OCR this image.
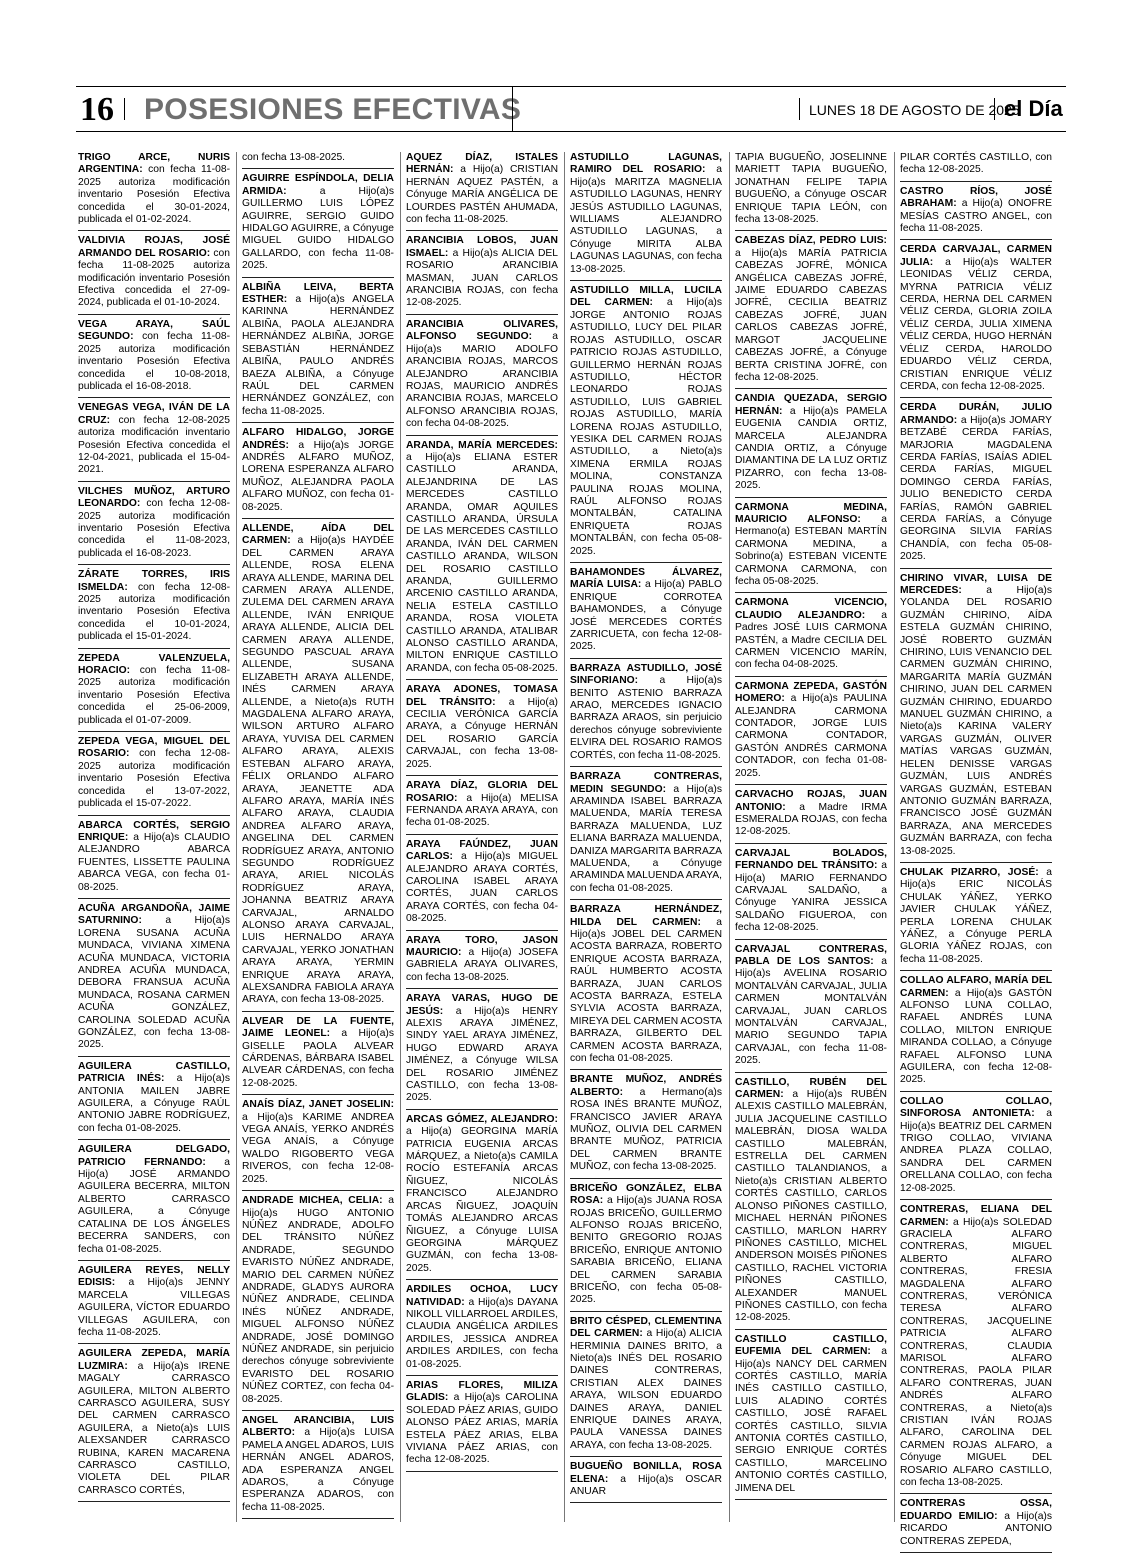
16 POSESIONES EFECTIVAS	LUNES 18 DE AGOSTO DE 2025
el Día

TRIGO ARCE, NURIS ARGENTINA: con fecha 11-08-2025 autoriza modificación inventario Posesión Efectiva concedida el 30-01-2024, publicada el 01-02-2024.

VALDIVIA ROJAS, JOSÉ ARMANDO DEL ROSARIO: con fecha 11-08-2025 autoriza modificación inventario Posesión Efectiva concedida el 27-09-2024, publicada el 01-10-2024.

VEGA ARAYA, SAÚL SEGUNDO: con fecha 11-08-2025 autoriza modificación inventario Posesión Efectiva concedida el 10-08-2018, publicada el 16-08-2018.

VENEGAS VEGA, IVÁN DE LA CRUZ: con fecha 12-08-2025 autoriza modificación inventario Posesión Efectiva concedida el 12-04-2021, publicada el 15-04-2021.

VILCHES MUÑOZ, ARTURO LEONARDO: con fecha 12-08-2025 autoriza modificación inventario Posesión Efectiva concedida el 11-08-2023, publicada el 16-08-2023.

ZÁRATE TORRES, IRIS ISMELDA: con fecha 12-08-2025 autoriza modificación inventario Posesión Efectiva concedida el 10-01-2024, publicada el 15-01-2024.

ZEPEDA VALENZUELA, HORACIO: con fecha 11-08-2025 autoriza modificación inventario Posesión Efectiva concedida el 25-06-2009, publicada el 01-07-2009.

ZEPEDA VEGA, MIGUEL DEL ROSARIO: con fecha 12-08-2025 autoriza modificación inventario Posesión Efectiva concedida el 13-07-2022, publicada el 15-07-2022.

ABARCA CORTÉS, SERGIO ENRIQUE: a Hijo(a)s CLAUDIO ALEJANDRO ABARCA FUENTES, LISSETTE PAULINA ABARCA VEGA, con fecha 01-08-2025.

ACUÑA ARGANDOÑA, JAIME SATURNINO: a Hijo(a)s LORENA SUSANA ACUÑA MUNDACA, VIVIANA XIMENA ACUÑA MUNDACA, VICTORIA ANDREA ACUÑA MUNDACA, DEBORA FRANSUA ACUÑA MUNDACA, ROSANA CARMEN ACUÑA GONZÁLEZ, CAROLINA SOLEDAD ACUÑA GONZÁLEZ, con fecha 13-08-2025.

AGUILERA CASTILLO, PATRICIA INÉS: a Hijo(a)s ANTONIA MAILEN JABRE AGUILERA, a Cónyuge RAÚL ANTONIO JABRE RODRÍGUEZ, con fecha 01-08-2025.

AGUILERA DELGADO, PATRICIO FERNANDO: a Hijo(a) JOSÉ ARMANDO AGUILERA BECERRA, MILTON ALBERTO CARRASCO AGUILERA, a Cónyuge CATALINA DE LOS ÁNGELES BECERRA SANDERS, con fecha 01-08-2025.

AGUILERA REYES, NELLY EDISIS: a Hijo(a)s JENNY MARCELA VILLEGAS AGUILERA, VÍCTOR EDUARDO VILLEGAS AGUILERA, con fecha 11-08-2025.

AGUILERA ZEPEDA, MARÍA LUZMIRA: a Hijo(a)s IRENE MAGALY CARRASCO AGUILERA, MILTON ALBERTO CARRASCO AGUILERA, SUSY DEL CARMEN CARRASCO AGUILERA, a Nieto(a)s LUIS ALEXSANDER CARRASCO RUBINA, KAREN MACARENA CARRASCO CASTILLO, VIOLETA DEL PILAR CARRASCO CORTÉS,

con fecha 13-08-2025.

AGUIRRE ESPÍNDOLA, DELIA ARMIDA: a Hijo(a)s GUILLERMO LUIS LÓPEZ AGUIRRE, SERGIO GUIDO HIDALGO AGUIRRE, a Cónyuge MIGUEL GUIDO HIDALGO GALLARDO, con fecha 11-08-2025.

ALBIÑA LEIVA, BERTA ESTHER: a Hijo(a)s ANGELA KARINNA HERNÁNDEZ ALBIÑA, PAOLA ALEJANDRA HERNÁNDEZ ALBIÑA, JORGE SEBASTIÁN HERNÁNDEZ ALBIÑA, PAULO ANDRÉS BAEZA ALBIÑA, a Cónyuge RAÚL DEL CARMEN HERNÁNDEZ GONZÁLEZ, con fecha 11-08-2025.

ALFARO HIDALGO, JORGE ANDRÉS: a Hijo(a)s JORGE ANDRÉS ALFARO MUÑOZ, LORENA ESPERANZA ALFARO MUÑOZ, ALEJANDRA PAOLA ALFARO MUÑOZ, con fecha 01-08-2025.

ALLENDE, AÍDA DEL CARMEN: a Hijo(a)s HAYDÉE DEL CARMEN ARAYA ALLENDE, ROSA ELENA ARAYA ALLENDE, MARINA DEL CARMEN ARAYA ALLENDE, ZULEMA DEL CARMEN ARAYA ALLENDE, IVÁN ENRIQUE ARAYA ALLENDE, ALICIA DEL CARMEN ARAYA ALLENDE, SEGUNDO PASCUAL ARAYA ALLENDE, SUSANA ELIZABETH ARAYA ALLENDE, INÉS CARMEN ARAYA ALLENDE, a Nieto(a)s RUTH MAGDALENA ALFARO ARAYA, WILSON ARTURO ALFARO ARAYA, YUVISA DEL CARMEN ALFARO ARAYA, ALEXIS ESTEBAN ALFARO ARAYA, FÉLIX ORLANDO ALFARO ARAYA, JEANETTE ADA ALFARO ARAYA, MARÍA INÉS ALFARO ARAYA, CLAUDIA ANDREA ALFARO ARAYA, ANGELINA DEL CARMEN RODRÍGUEZ ARAYA, ANTONIO SEGUNDO RODRÍGUEZ ARAYA, ARIEL NICOLÁS RODRÍGUEZ ARAYA, JOHANNA BEATRIZ ARAYA CARVAJAL, ARNALDO ALONSO ARAYA CARVAJAL, LUIS HERNALDO ARAYA CARVAJAL, YERKO JONATHAN ARAYA ARAYA, YERMIN ENRIQUE ARAYA ARAYA, ALEXSANDRA FABIOLA ARAYA ARAYA, con fecha 13-08-2025.

ALVEAR DE LA FUENTE, JAIME LEONEL: a Hijo(a)s GISELLE PAOLA ALVEAR CÁRDENAS, BÁRBARA ISABEL ALVEAR CÁRDENAS, con fecha 12-08-2025.

ANAÍS DÍAZ, JANET JOSELIN: a Hijo(a)s KARIME ANDREA VEGA ANAÍS, YERKO ANDRÉS VEGA ANAÍS, a Cónyuge WALDO RIGOBERTO VEGA RIVEROS, con fecha 12-08-2025.

ANDRADE MICHEA, CELIA: a Hijo(a)s HUGO ANTONIO NÚÑEZ ANDRADE, ADOLFO DEL TRÁNSITO NÚÑEZ ANDRADE, SEGUNDO EVARISTO NÚÑEZ ANDRADE, MARIO DEL CARMEN NÚÑEZ ANDRADE, GLADYS AURORA NÚÑEZ ANDRADE, CELINDA INÉS NÚÑEZ ANDRADE, MIGUEL ALFONSO NÚÑEZ ANDRADE, JOSÉ DOMINGO NÚÑEZ ANDRADE, sin perjuicio derechos cónyuge sobreviviente EVARISTO DEL ROSARIO NÚÑEZ CORTEZ, con fecha 04-08-2025.

ANGEL ARANCIBIA, LUIS ALBERTO: a Hijo(a)s LUISA PAMELA ANGEL ADAROS, LUIS HERNÁN ANGEL ADAROS, ADA ESPERANZA ANGEL ADAROS, a Cónyuge ESPERANZA ADAROS, con fecha 11-08-2025.

AQUEZ DÍAZ, ISTALES HERNÁN: a Hijo(a) CRISTIAN HERNÁN AQUEZ PASTÉN, a Cónyuge MARÍA ANGÉLICA DE LOURDES PASTÉN AHUMADA, con fecha 11-08-2025.

ARANCIBIA LOBOS, JUAN ISMAEL: a Hijo(a)s ALICIA DEL ROSARIO ARANCIBIA MASMAN, JUAN CARLOS ARANCIBIA ROJAS, con fecha 12-08-2025.

ARANCIBIA OLIVARES, ALFONSO SEGUNDO: a Hijo(a)s MARIO ADOLFO ARANCIBIA ROJAS, MARCOS ALEJANDRO ARANCIBIA ROJAS, MAURICIO ANDRÉS ARANCIBIA ROJAS, MARCELO ALFONSO ARANCIBIA ROJAS, con fecha 04-08-2025.

ARANDA, MARÍA MERCEDES: a Hijo(a)s ELIANA ESTER CASTILLO ARANDA, ALEJANDRINA DE LAS MERCEDES CASTILLO ARANDA, OMAR AQUILES CASTILLO ARANDA, ÚRSULA DE LAS MERCEDES CASTILLO ARANDA, IVÁN DEL CARMEN CASTILLO ARANDA, WILSON DEL ROSARIO CASTILLO ARANDA, GUILLERMO ARCENIO CASTILLO ARANDA, NELIA ESTELA CASTILLO ARANDA, ROSA VIOLETA CASTILLO ARANDA, ATALIBAR ALONSO CASTILLO ARANDA, MILTON ENRIQUE CASTILLO ARANDA, con fecha 05-08-2025.

ARAYA ADONES, TOMASA DEL TRÁNSITO: a Hijo(a) CECILIA VERÓNICA GARCÍA ARAYA, a Cónyuge HERNÁN DEL ROSARIO GARCÍA CARVAJAL, con fecha 13-08-2025.

ARAYA DÍAZ, GLORIA DEL ROSARIO: a Hijo(a) MELISA FERNANDA ARAYA ARAYA, con fecha 01-08-2025.

ARAYA FAÚNDEZ, JUAN CARLOS: a Hijo(a)s MIGUEL ALEJANDRO ARAYA CORTÉS, CAROLINA ISABEL ARAYA CORTÉS, JUAN CARLOS ARAYA CORTÉS, con fecha 04-08-2025.

ARAYA TORO, JASON MAURICIO: a Hijo(a) JOSEFA GABRIELA ARAYA OLIVARES, con fecha 13-08-2025.

ARAYA VARAS, HUGO DE JESÚS: a Hijo(a)s HENRY ALEXIS ARAYA JIMÉNEZ, SINDY YAEL ARAYA JIMÉNEZ, HUGO EDWARD ARAYA JIMÉNEZ, a Cónyuge WILSA DEL ROSARIO JIMÉNEZ CASTILLO, con fecha 13-08-2025.

ARCAS GÓMEZ, ALEJANDRO: a Hijo(a) GEORGINA MARÍA PATRICIA EUGENIA ARCAS MÁRQUEZ, a Nieto(a)s CAMILA ROCÍO ESTEFANÍA ARCAS ÑIGUEZ, NICOLÁS FRANCISCO ALEJANDRO ARCAS ÑIGUEZ, JOAQUÍN TOMÁS ALEJANDRO ARCAS ÑIGUEZ, a Cónyuge LUISA GEORGINA MÁRQUEZ GUZMÁN, con fecha 13-08-2025.

ARDILES OCHOA, LUCY NATIVIDAD: a Hijo(a)s DAYANA NIKOLL VILLARROEL ARDILES, CLAUDIA ANGÉLICA ARDILES ARDILES, JESSICA ANDREA ARDILES ARDILES, con fecha 01-08-2025.

ARIAS FLORES, MILIZA GLADIS: a Hijo(a)s CAROLINA SOLEDAD PÁEZ ARIAS, GUIDO ALONSO PÁEZ ARIAS, MARÍA ESTELA PÁEZ ARIAS, ELBA VIVIANA PÁEZ ARIAS, con fecha 12-08-2025.

ASTUDILLO LAGUNAS, RAMIRO DEL ROSARIO: a Hijo(a)s MARITZA MAGNELIA ASTUDILLO LAGUNAS, HENRY JESÚS ASTUDILLO LAGUNAS, WILLIAMS ALEJANDRO ASTUDILLO LAGUNAS, a Cónyuge MIRITA ALBA LAGUNAS LAGUNAS, con fecha 13-08-2025.

ASTUDILLO MILLA, LUCILA DEL CARMEN: a Hijo(a)s JORGE ANTONIO ROJAS ASTUDILLO, LUCY DEL PILAR ROJAS ASTUDILLO, OSCAR PATRICIO ROJAS ASTUDILLO, GUILLERMO HERNÁN ROJAS ASTUDILLO, HÉCTOR LEONARDO ROJAS ASTUDILLO, LUIS GABRIEL ROJAS ASTUDILLO, MARÍA LORENA ROJAS ASTUDILLO, YESIKA DEL CARMEN ROJAS ASTUDILLO, a Nieto(a)s XIMENA ERMILA ROJAS MOLINA, CONSTANZA PAULINA ROJAS MOLINA, RAÚL ALFONSO ROJAS MONTALBÁN, CATALINA ENRIQUETA ROJAS MONTALBÁN, con fecha 05-08-2025.

BAHAMONDES ÁLVAREZ, MARÍA LUISA: a Hijo(a) PABLO ENRIQUE CORROTEA BAHAMONDES, a Cónyuge JOSÉ MERCEDES CORTÉS ZARRICUETA, con fecha 12-08-2025.

BARRAZA ASTUDILLO, JOSÉ SINFORIANO: a Hijo(a)s BENITO ASTENIO BARRAZA ARAO, MERCEDES IGNACIO BARRAZA ARAOS, sin perjuicio derechos cónyuge sobreviviente ELVIRA DEL ROSARIO RAMOS CORTÉS, con fecha 11-08-2025.

BARRAZA CONTRERAS, MEDIN SEGUNDO: a Hijo(a)s ARAMINDA ISABEL BARRAZA MALUENDA, MARÍA TERESA BARRAZA MALUENDA, LUZ ELIANA BARRAZA MALUENDA, DANIZA MARGARITA BARRAZA MALUENDA, a Cónyuge ARAMINDA MALUENDA ARAYA, con fecha 01-08-2025.

BARRAZA HERNÁNDEZ, HILDA DEL CARMEN: a Hijo(a)s JOBEL DEL CARMEN ACOSTA BARRAZA, ROBERTO ENRIQUE ACOSTA BARRAZA, RAÚL HUMBERTO ACOSTA BARRAZA, JUAN CARLOS ACOSTA BARRAZA, ESTELA SYLVIA ACOSTA BARRAZA, MIREYA DEL CARMEN ACOSTA BARRAZA, GILBERTO DEL CARMEN ACOSTA BARRAZA, con fecha 01-08-2025.

BRANTE MUÑOZ, ANDRÉS ALBERTO: a Hermano(a)s ROSA INÉS BRANTE MUÑOZ, FRANCISCO JAVIER ARAYA MUÑOZ, OLIVIA DEL CARMEN BRANTE MUÑOZ, PATRICIA DEL CARMEN BRANTE MUÑOZ, con fecha 13-08-2025.

BRICEÑO GONZÁLEZ, ELBA ROSA: a Hijo(a)s JUANA ROSA ROJAS BRICEÑO, GUILLERMO ALFONSO ROJAS BRICEÑO, BENITO GREGORIO ROJAS BRICEÑO, ENRIQUE ANTONIO SARABIA BRICEÑO, ELIANA DEL CARMEN SARABIA BRICEÑO, con fecha 05-08-2025.

BRITO CÉSPED, CLEMENTINA DEL CARMEN: a Hijo(a) ALICIA HERMINIA DAINES BRITO, a Nieto(a)s INÉS DEL ROSARIO DAINES CONTRERAS, CRISTIAN ALEX DAINES ARAYA, WILSON EDUARDO DAINES ARAYA, DANIEL ENRIQUE DAINES ARAYA, PAULA VANESSA DAINES ARAYA, con fecha 13-08-2025.

BUGUEÑO BONILLA, ROSA ELENA: a Hijo(a)s OSCAR ANUAR

TAPIA BUGUEÑO, JOSELINNE MARIETT TAPIA BUGUEÑO, JONATHAN FELIPE TAPIA BUGUEÑO, a Cónyuge OSCAR ENRIQUE TAPIA LEÓN, con fecha 13-08-2025.

CABEZAS DÍAZ, PEDRO LUIS: a Hijo(a)s MARÍA PATRICIA CABEZAS JOFRÉ, MÓNICA ANGÉLICA CABEZAS JOFRÉ, JAIME EDUARDO CABEZAS JOFRÉ, CECILIA BEATRIZ CABEZAS JOFRÉ, JUAN CARLOS CABEZAS JOFRÉ, MARGOT JACQUELINE CABEZAS JOFRÉ, a Cónyuge BERTA CRISTINA JOFRÉ, con fecha 12-08-2025.

CANDIA QUEZADA, SERGIO HERNÁN: a Hijo(a)s PAMELA EUGENIA CANDIA ORTIZ, MARCELA ALEJANDRA CANDIA ORTIZ, a Cónyuge DIAMANTINA DE LA LUZ ORTIZ PIZARRO, con fecha 13-08-2025.

CARMONA MEDINA, MAURICIO ALFONSO: a Hermano(a) ESTEBAN MARTÍN CARMONA MEDINA, a Sobrino(a) ESTEBAN VICENTE CARMONA CARMONA, con fecha 05-08-2025.

CARMONA VICENCIO, CLAUDIO ALEJANDRO: a Padres JOSÉ LUIS CARMONA PASTÉN, a Madre CECILIA DEL CARMEN VICENCIO MARÍN, con fecha 04-08-2025.

CARMONA ZEPEDA, GASTÓN HOMERO: a Hijo(a)s PAULINA ALEJANDRA CARMONA CONTADOR, JORGE LUIS CARMONA CONTADOR, GASTÓN ANDRÉS CARMONA CONTADOR, con fecha 01-08-2025.

CARVACHO ROJAS, JUAN ANTONIO: a Madre IRMA ESMERALDA ROJAS, con fecha 12-08-2025.

CARVAJAL BOLADOS, FERNANDO DEL TRÁNSITO: a Hijo(a) MARIO FERNANDO CARVAJAL SALDAÑO, a Cónyuge YANIRA JESSICA SALDAÑO FIGUEROA, con fecha 12-08-2025.

CARVAJAL CONTRERAS, PABLA DE LOS SANTOS: a Hijo(a)s AVELINA ROSARIO MONTALVÁN CARVAJAL, JULIA CARMEN MONTALVÁN CARVAJAL, JUAN CARLOS MONTALVÁN CARVAJAL, MARIO SEGUNDO TAPIA CARVAJAL, con fecha 11-08-2025.

CASTILLO, RUBÉN DEL CARMEN: a Hijo(a)s RUBÉN ALEXIS CASTILLO MALEBRÁN, JULIA JACQUELINE CASTILLO MALEBRÁN, DIOSA WALDA CASTILLO MALEBRÁN, ESTRELLA DEL CARMEN CASTILLO TALANDIANOS, a Nieto(a)s CRISTIAN ALBERTO CORTÉS CASTILLO, CARLOS ALONSO PIÑONES CASTILLO, MICHAEL HERNÁN PIÑONES CASTILLO, MARLON HARRY PIÑONES CASTILLO, MICHEL ANDERSON MOISÉS PIÑONES CASTILLO, RACHEL VICTORIA PIÑONES CASTILLO, ALEXANDER MANUEL PIÑONES CASTILLO, con fecha 12-08-2025.

CASTILLO CASTILLO, EUFEMIA DEL CARMEN: a Hijo(a)s NANCY DEL CARMEN CORTÉS CASTILLO, MARÍA INÉS CASTILLO CASTILLO, LUIS ALADINO CORTÉS CASTILLO, JOSÉ RAFAEL CORTÉS CASTILLO, SILVIA ANTONIA CORTÉS CASTILLO, SERGIO ENRIQUE CORTÉS CASTILLO, MARCELINO ANTONIO CORTÉS CASTILLO, JIMENA DEL

PILAR CORTÉS CASTILLO, con fecha 12-08-2025.

CASTRO RÍOS, JOSÉ ABRAHAM: a Hijo(a) ONOFRE MESÍAS CASTRO ANGEL, con fecha 11-08-2025.

CERDA CARVAJAL, CARMEN JULIA: a Hijo(a)s WALTER LEONIDAS VÉLIZ CERDA, MYRNA PATRICIA VÉLIZ CERDA, HERNA DEL CARMEN VÉLIZ CERDA, GLORIA ZOILA VÉLIZ CERDA, JULIA XIMENA VÉLIZ CERDA, HUGO HERNÁN VÉLIZ CERDA, HAROLDO EDUARDO VÉLIZ CERDA, CRISTIAN ENRIQUE VÉLIZ CERDA, con fecha 12-08-2025.

CERDA DURÁN, JULIO ARMANDO: a Hijo(a)s JOMARY BETZABÉ CERDA FARÍAS, MARJORIA MAGDALENA CERDA FARÍAS, ISAÍAS ADIEL CERDA FARÍAS, MIGUEL DOMINGO CERDA FARÍAS, JULIO BENEDICTO CERDA FARÍAS, RAMÓN GABRIEL CERDA FARÍAS, a Cónyuge GEORGINA SILVIA FARÍAS CHANDÍA, con fecha 05-08-2025.

CHIRINO VIVAR, LUISA DE MERCEDES: a Hijo(a)s YOLANDA DEL ROSARIO GUZMÁN CHIRINO, AÍDA ESTELA GUZMÁN CHIRINO, JOSÉ ROBERTO GUZMÁN CHIRINO, LUIS VENANCIO DEL CARMEN GUZMÁN CHIRINO, MARGARITA MARÍA GUZMÁN CHIRINO, JUAN DEL CARMEN GUZMÁN CHIRINO, EDUARDO MANUEL GUZMÁN CHIRINO, a Nieto(a)s KARINA VALERY VARGAS GUZMÁN, OLIVER MATÍAS VARGAS GUZMÁN, HELEN DENISSE VARGAS GUZMÁN, LUIS ANDRÉS VARGAS GUZMÁN, ESTEBAN ANTONIO GUZMÁN BARRAZA, FRANCISCO JOSÉ GUZMÁN BARRAZA, ANA MERCEDES GUZMÁN BARRAZA, con fecha 13-08-2025.

CHULAK PIZARRO, JOSÉ: a Hijo(a)s ERIC NICOLÁS CHULAK YÁÑEZ, YERKO JAVIER CHULAK YÁÑEZ, PERLA LORENA CHULAK YÁÑEZ, a Cónyuge PERLA GLORIA YÁÑEZ ROJAS, con fecha 11-08-2025.

COLLAO ALFARO, MARÍA DEL CARMEN: a Hijo(a)s GASTÓN ALFONSO LUNA COLLAO, RAFAEL ANDRÉS LUNA COLLAO, MILTON ENRIQUE MIRANDA COLLAO, a Cónyuge RAFAEL ALFONSO LUNA AGUILERA, con fecha 12-08-2025.

COLLAO COLLAO, SINFOROSA ANTONIETA: a Hijo(a)s BEATRIZ DEL CARMEN TRIGO COLLAO, VIVIANA ANDREA PLAZA COLLAO, SANDRA DEL CARMEN ORELLANA COLLAO, con fecha 12-08-2025.

CONTRERAS, ELIANA DEL CARMEN: a Hijo(a)s SOLEDAD GRACIELA ALFARO CONTRERAS, MIGUEL ALBERTO ALFARO CONTRERAS, FRESIA MAGDALENA ALFARO CONTRERAS, VERÓNICA TERESA ALFARO CONTRERAS, JACQUELINE PATRICIA ALFARO CONTRERAS, CLAUDIA MARISOL ALFARO CONTRERAS, PAOLA PILAR ALFARO CONTRERAS, JUAN ANDRÉS ALFARO CONTRERAS, a Nieto(a)s CRISTIAN IVÁN ROJAS ALFARO, CAROLINA DEL CARMEN ROJAS ALFARO, a Cónyuge MIGUEL DEL ROSARIO ALFARO CASTILLO, con fecha 13-08-2025.

CONTRERAS OSSA, EDUARDO EMILIO: a Hijo(a)s RICARDO ANTONIO CONTRERAS ZEPEDA,
